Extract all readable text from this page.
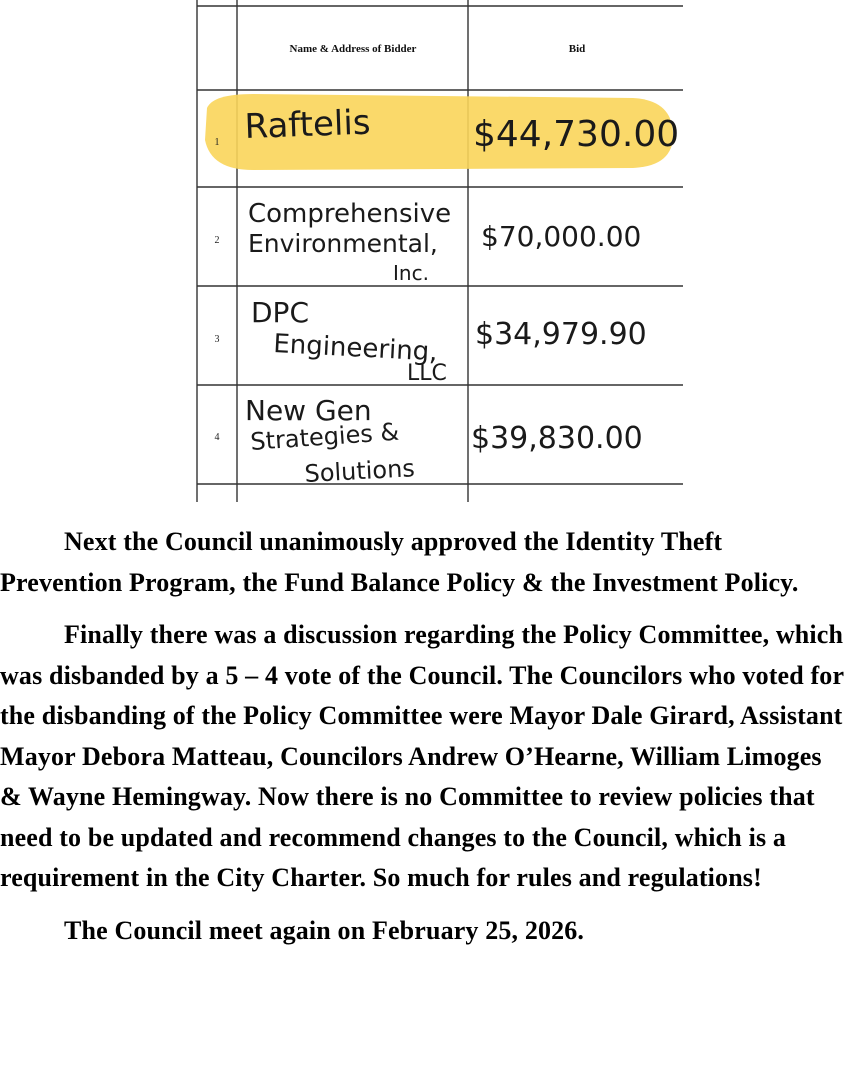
Name & Address of Bidder	Bid
1
2
3
4
Raftelis	$44,730.00
Comprehensive
Environmental,
Inc.
$70,000.00
DPC
Engineering,
LLC
$34,979.90
New Gen
Strategies &
Solutions
$39,830.00

Next the Council unanimously approved the Identity Theft Prevention Program, the Fund Balance Policy & the Investment Policy.

Finally there was a discussion regarding the Policy Committee, which was disbanded by a 5 – 4 vote of the Council. The Councilors who voted for the disbanding of the Policy Committee were Mayor Dale Girard, Assistant Mayor Debora Matteau, Councilors Andrew O’Hearne, William Limoges & Wayne Hemingway. Now there is no Committee to review policies that need to be updated and recommend changes to the Council, which is a requirement in the City Charter. So much for rules and regulations!

The Council meet again on February 25, 2026.
